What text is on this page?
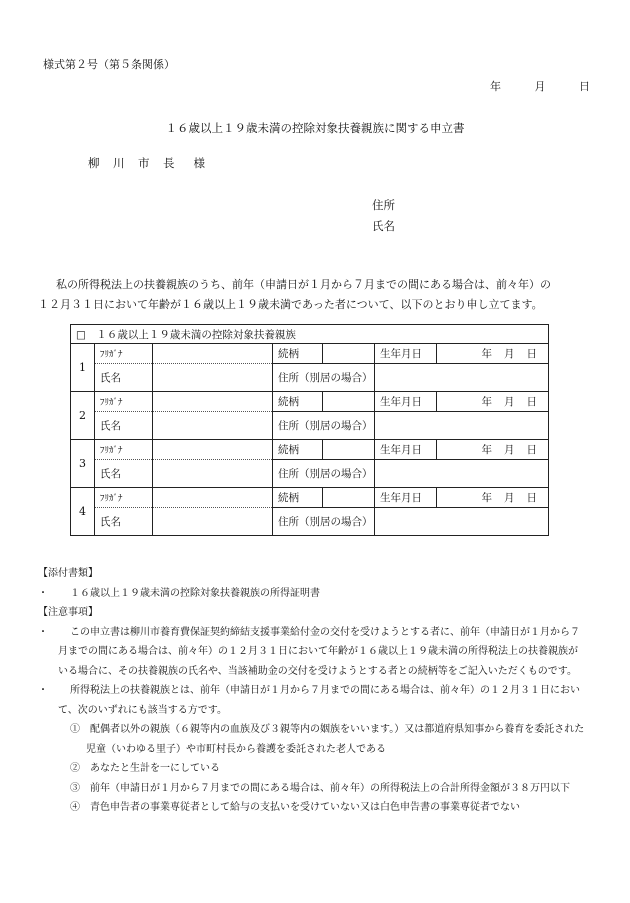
様式第２号（第５条関係）
年	月	日
１６歳以上１９歳未満の控除対象扶養親族に関する申立書
柳　川　市　長 様
住所
氏名

私の所得税法上の扶養親族のうち、前年（申請日が１月から７月までの間にある場合は、前々年）の

１２月３１日において年齢が１６歳以上１９歳未満であった者について、以下のとおり申し立てます。

□　１６歳以上１９歳未満の控除対象扶養親族						
1	ﾌﾘｶﾞﾅ		続柄		生年月日	年 月 日

	氏名		住所（別居の場合）			
2	ﾌﾘｶﾞﾅ		続柄		生年月日	年 月 日

	氏名		住所（別居の場合）			
3	ﾌﾘｶﾞﾅ		続柄		生年月日	年 月 日

	氏名		住所（別居の場合）			
4	ﾌﾘｶﾞﾅ		続柄		生年月日	年 月 日

	氏名		住所（別居の場合）			
【添付書類】
・ １６歳以上１９歳未満の控除対象扶養親族の所得証明書
【注意事項】
・ この申立書は柳川市養育費保証契約締結支援事業給付金の交付を受けようとする者に、前年（申請日が１月から７
月までの間にある場合は、前々年）の１２月３１日において年齢が１６歳以上１９歳未満の所得税法上の扶養親族が
いる場合に、その扶養親族の氏名や、当該補助金の交付を受けようとする者との続柄等をご記入いただくものです。
・ 所得税法上の扶養親族とは、前年（申請日が１月から７月までの間にある場合は、前々年）の１２月３１日におい
て、次のいずれにも該当する方です。
①　配偶者以外の親族（６親等内の血族及び３親等内の姻族をいいます。）又は都道府県知事から養育を委託された
児童（いわゆる里子）や市町村長から養護を委託された老人である
②　あなたと生計を一にしている
③　前年（申請日が１月から７月までの間にある場合は、前々年）の所得税法上の合計所得金額が３８万円以下
④　青色申告者の事業専従者として給与の支払いを受けていない又は白色申告書の事業専従者でない
